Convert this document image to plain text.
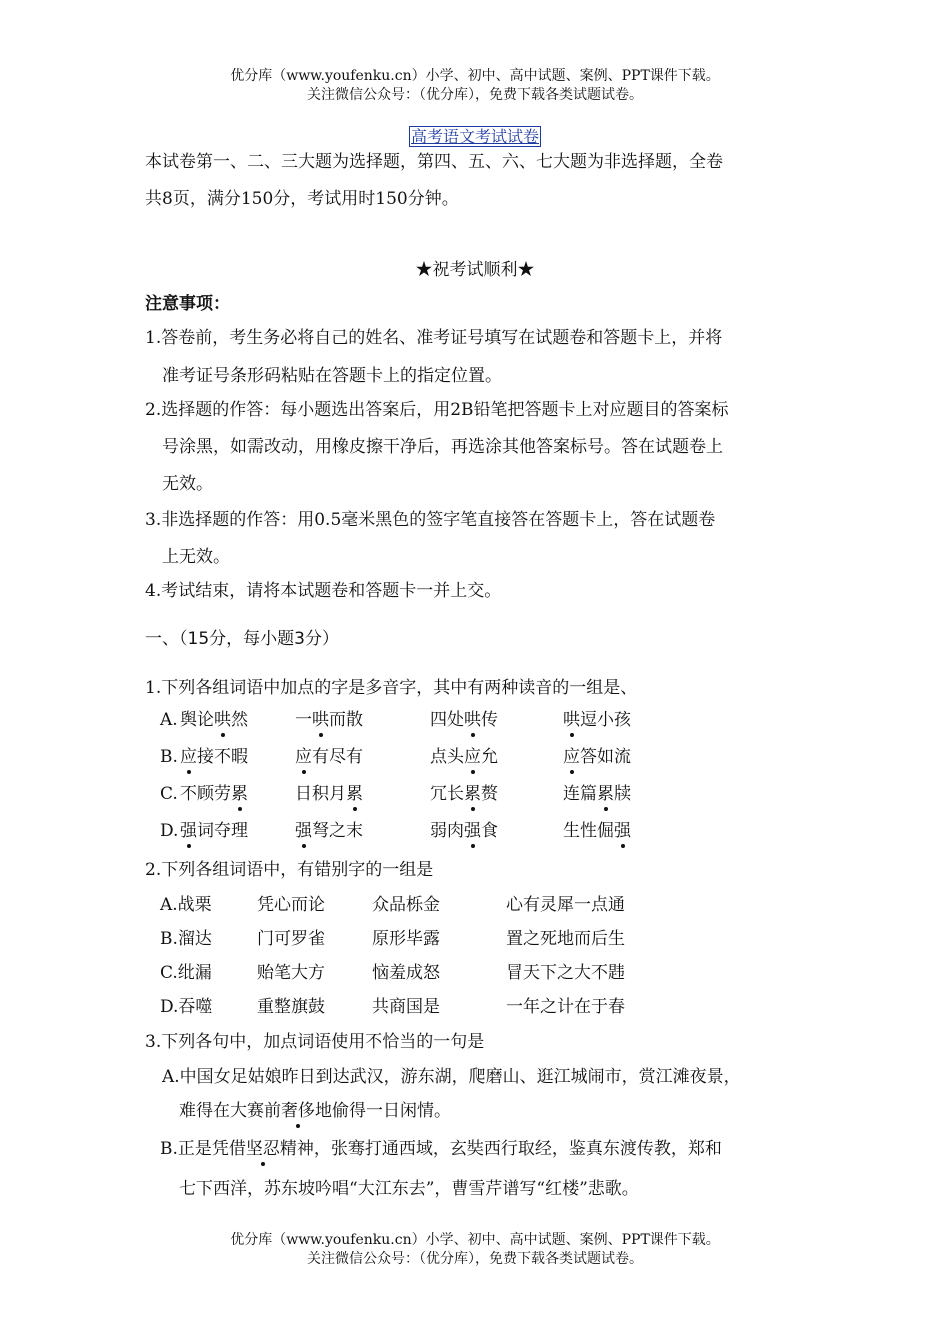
优分库（www.youfenku.cn）小学、初中、高中试题、案例、PPT课件下载。
关注微信公众号：（优分库），免费下载各类试题试卷。
高考语文考试试卷
本试卷第一、二、三大题为选择题，第四、五、六、七大题为非选择题，全卷
共8页，满分150分，考试用时150分钟。
★祝考试顺利★
注意事项：
1.答卷前，考生务必将自己的姓名、准考证号填写在试题卷和答题卡上，并将
准考证号条形码粘贴在答题卡上的指定位置。
2.选择题的作答：每小题选出答案后，用2B铅笔把答题卡上对应题目的答案标
号涂黑，如需改动，用橡皮擦干净后，再选涂其他答案标号。答在试题卷上
无效。
3.非选择题的作答：用0.5毫米黑色的签字笔直接答在答题卡上，答在试题卷
上无效。
4.考试结束，请将本试题卷和答题卡一并上交。
一、（15分，每小题3分）
1.下列各组词语中加点的字是多音字，其中有两种读音的一组是、
A. 舆论哄然	一哄而散	四处哄传	哄逗小孩
B. 应接不暇	应有尽有	点头应允	应答如流
C. 不顾劳累	日积月累	冗长累赘	连篇累牍
D. 强词夺理	强弩之末	弱肉强食	生性倔强
2.下列各组词语中，有错别字的一组是
A.战栗	凭心而论	众品栎金	心有灵犀一点通
B.溜达	门可罗雀	原形毕露	置之死地而后生
C.纰漏	贻笔大方	恼羞成怒	冒天下之大不韪
D.吞噬	重整旗鼓	共商国是	一年之计在于春
3.下列各句中，加点词语使用不恰当的一句是
A.中国女足姑娘昨日到达武汉，游东湖，爬磨山、逛江城闹市，赏江滩夜景，
难得在大赛前奢侈地偷得一日闲情。
B.正是凭借坚忍精神，张骞打通西域，玄奘西行取经，鉴真东渡传教，郑和
七下西洋，苏东坡吟唱“大江东去”，曹雪芹谱写“红楼”悲歌。
优分库（www.youfenku.cn）小学、初中、高中试题、案例、PPT课件下载。
关注微信公众号：（优分库），免费下载各类试题试卷。
